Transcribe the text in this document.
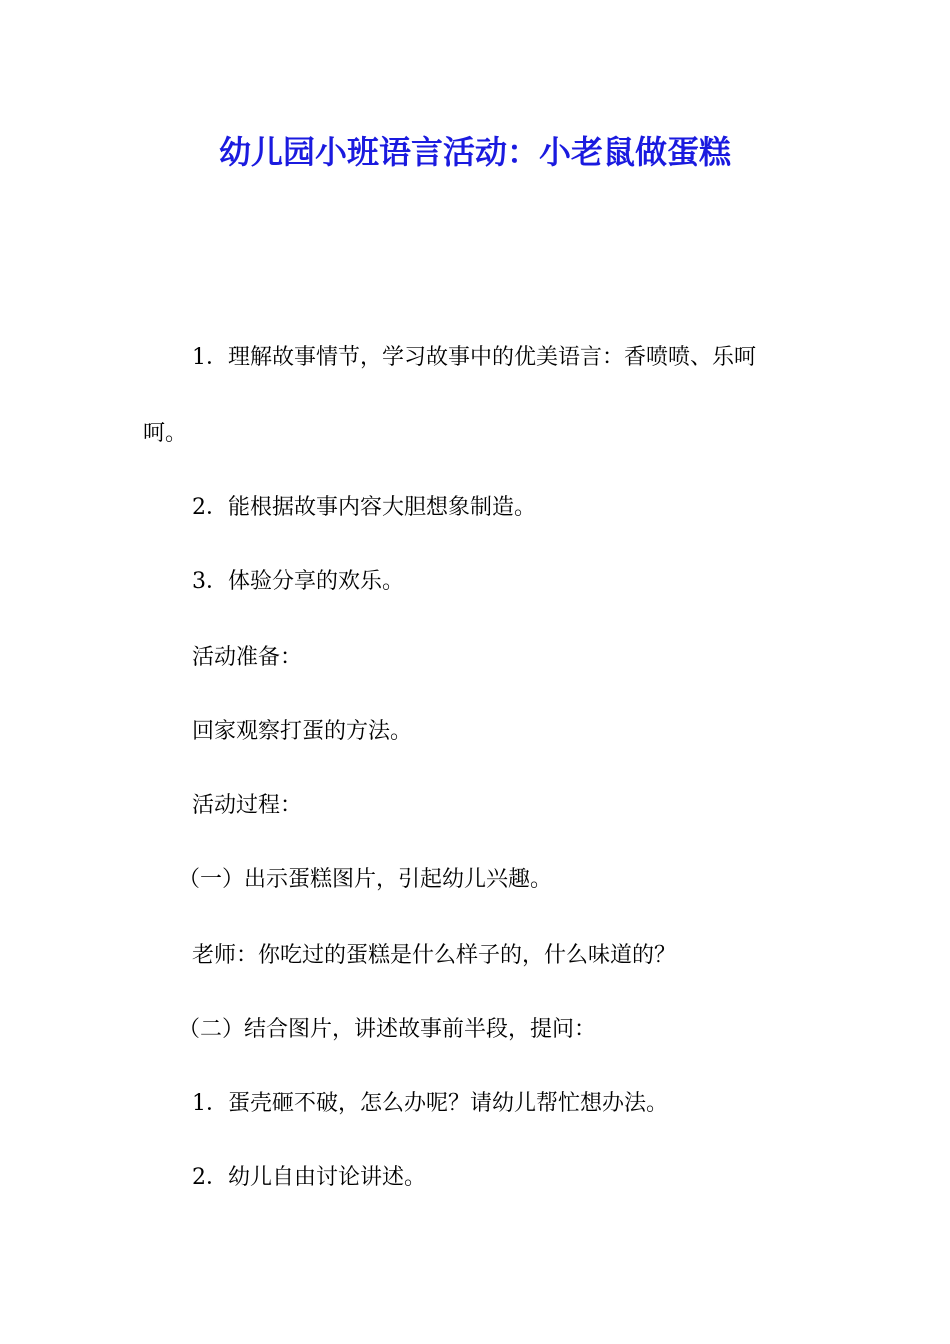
幼儿园小班语言活动：小老鼠做蛋糕
1．理解故事情节，学习故事中的优美语言：香喷喷、乐呵
呵。
2．能根据故事内容大胆想象制造。
3．体验分享的欢乐。
活动准备：
回家观察打蛋的方法。
活动过程：
（一）出示蛋糕图片，引起幼儿兴趣。
老师：你吃过的蛋糕是什么样子的，什么味道的？
（二）结合图片，讲述故事前半段，提问：
1．蛋壳砸不破，怎么办呢？请幼儿帮忙想办法。
2．幼儿自由讨论讲述。
